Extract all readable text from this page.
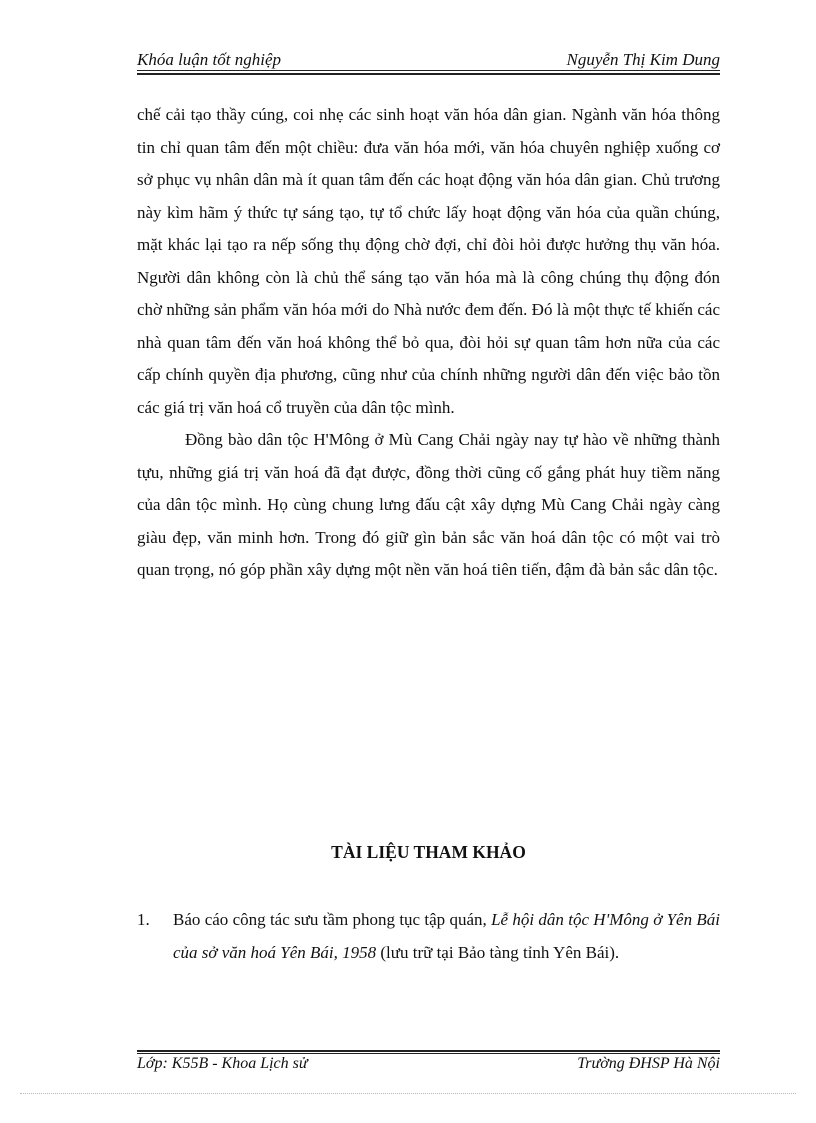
Khóa luận tốt nghiệp	Nguyễn Thị Kim Dung

chế cải tạo thầy cúng, coi nhẹ các sinh hoạt văn hóa dân gian. Ngành văn hóa thông tin chỉ quan tâm đến một chiều: đưa văn hóa mới, văn hóa chuyên nghiệp xuống cơ sở phục vụ nhân dân mà ít quan tâm đến các hoạt động văn hóa dân gian. Chủ trương này kìm hãm ý thức tự sáng tạo, tự tổ chức lấy hoạt động văn hóa của quần chúng, mặt khác lại tạo ra nếp sống thụ động chờ đợi, chỉ đòi hỏi được hưởng thụ văn hóa. Người dân không còn là chủ thể sáng tạo văn hóa mà là công chúng thụ động đón chờ những sản phẩm văn hóa mới do Nhà nước đem đến. Đó là một thực tế khiến các nhà quan tâm đến văn hoá không thể bỏ qua, đòi hỏi sự quan tâm hơn nữa của các cấp chính quyền địa phương, cũng như của chính những người dân đến việc bảo tồn các giá trị văn hoá cổ truyền của dân tộc mình.

Đồng bào dân tộc H'Mông ở Mù Cang Chải ngày nay tự hào về những thành tựu, những giá trị văn hoá đã đạt được, đồng thời cũng cố gắng phát huy tiềm năng của dân tộc mình. Họ cùng chung lưng đấu cật xây dựng Mù Cang Chải ngày càng giàu đẹp, văn minh hơn. Trong đó giữ gìn bản sắc văn hoá dân tộc có một vai trò quan trọng, nó góp phần xây dựng một nền văn hoá tiên tiến, đậm đà bản sắc dân tộc.

TÀI LIỆU THAM KHẢO
1. Báo cáo công tác sưu tầm phong tục tập quán, Lễ hội dân tộc H'Mông ở Yên Bái của sở văn hoá Yên Bái, 1958 (lưu trữ tại Bảo tàng tỉnh Yên Bái).
Lớp: K55B - Khoa Lịch sử	Trường ĐHSP Hà Nội
